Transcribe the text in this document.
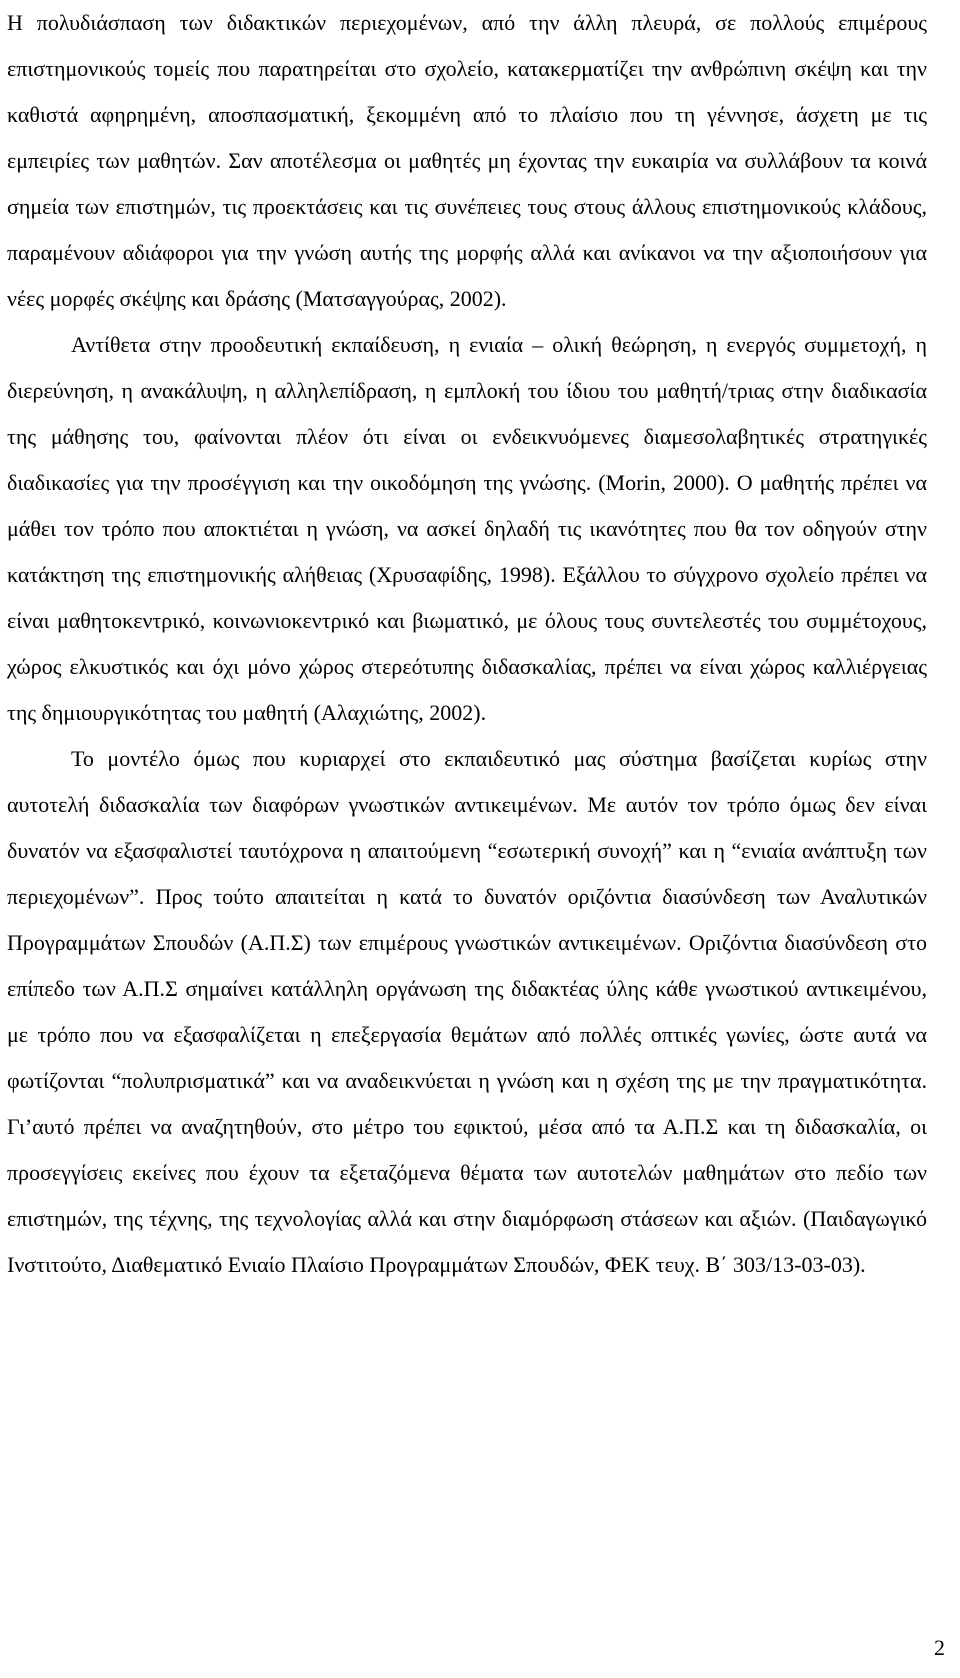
Η πολυδιάσπαση των διδακτικών περιεχομένων, από την άλλη πλευρά, σε πολλούς επιμέρους επιστημονικούς τομείς που παρατηρείται στο σχολείο, κατακερματίζει την ανθρώπινη σκέψη και την καθιστά αφηρημένη, αποσπασματική, ξεκομμένη από το πλαίσιο που τη γέννησε, άσχετη με τις εμπειρίες των μαθητών. Σαν αποτέλεσμα οι μαθητές μη έχοντας την ευκαιρία να συλλάβουν τα κοινά σημεία των επιστημών, τις προεκτάσεις και τις συνέπειες τους στους άλλους επιστημονικούς κλάδους, παραμένουν αδιάφοροι για την γνώση αυτής της μορφής αλλά και ανίκανοι να την αξιοποιήσουν για νέες μορφές σκέψης και δράσης (Ματσαγγούρας, 2002).

Αντίθετα στην προοδευτική εκπαίδευση, η ενιαία – ολική θεώρηση, η ενεργός συμμετοχή, η διερεύνηση, η ανακάλυψη, η αλληλεπίδραση, η εμπλοκή του ίδιου του μαθητή/τριας στην διαδικασία της μάθησης του, φαίνονται πλέον ότι είναι οι ενδεικνυόμενες διαμεσολαβητικές στρατηγικές διαδικασίες για την προσέγγιση και την οικοδόμηση της γνώσης. (Morin, 2000). Ο μαθητής πρέπει να μάθει τον τρόπο που αποκτιέται η γνώση, να ασκεί δηλαδή τις ικανότητες που θα τον οδηγούν στην κατάκτηση της επιστημονικής αλήθειας (Χρυσαφίδης, 1998). Εξάλλου το σύγχρονο σχολείο πρέπει να είναι μαθητοκεντρικό, κοινωνιοκεντρικό και βιωματικό, με όλους τους συντελεστές του συμμέτοχους, χώρος ελκυστικός και όχι μόνο χώρος στερεότυπης διδασκαλίας, πρέπει να είναι χώρος καλλιέργειας της δημιουργικότητας του μαθητή (Αλαχιώτης, 2002).

Το μοντέλο όμως που κυριαρχεί στο εκπαιδευτικό μας σύστημα βασίζεται κυρίως στην αυτοτελή διδασκαλία των διαφόρων γνωστικών αντικειμένων. Με αυτόν τον τρόπο όμως δεν είναι δυνατόν να εξασφαλιστεί ταυτόχρονα η απαιτούμενη “εσωτερική συνοχή” και η “ενιαία ανάπτυξη των περιεχομένων”. Προς τούτο απαιτείται η κατά το δυνατόν οριζόντια διασύνδεση των Αναλυτικών Προγραμμάτων Σπουδών (Α.Π.Σ) των επιμέρους γνωστικών αντικειμένων. Οριζόντια διασύνδεση στο επίπεδο των Α.Π.Σ σημαίνει κατάλληλη οργάνωση της διδακτέας ύλης κάθε γνωστικού αντικειμένου, με τρόπο που να εξασφαλίζεται η επεξεργασία θεμάτων από πολλές οπτικές γωνίες, ώστε αυτά να φωτίζονται “πολυπρισματικά” και να αναδεικνύεται η γνώση και η σχέση της με την πραγματικότητα. Γι’αυτό πρέπει να αναζητηθούν, στο μέτρο του εφικτού, μέσα από τα Α.Π.Σ και τη διδασκαλία, οι προσεγγίσεις εκείνες που έχουν τα εξεταζόμενα θέματα των αυτοτελών μαθημάτων στο πεδίο των επιστημών, της τέχνης, της τεχνολογίας αλλά και στην διαμόρφωση στάσεων και αξιών. (Παιδαγωγικό Ινστιτούτο, Διαθεματικό Ενιαίο Πλαίσιο Προγραμμάτων Σπουδών, ΦΕΚ τευχ. Β΄ 303/13-03-03).

2
